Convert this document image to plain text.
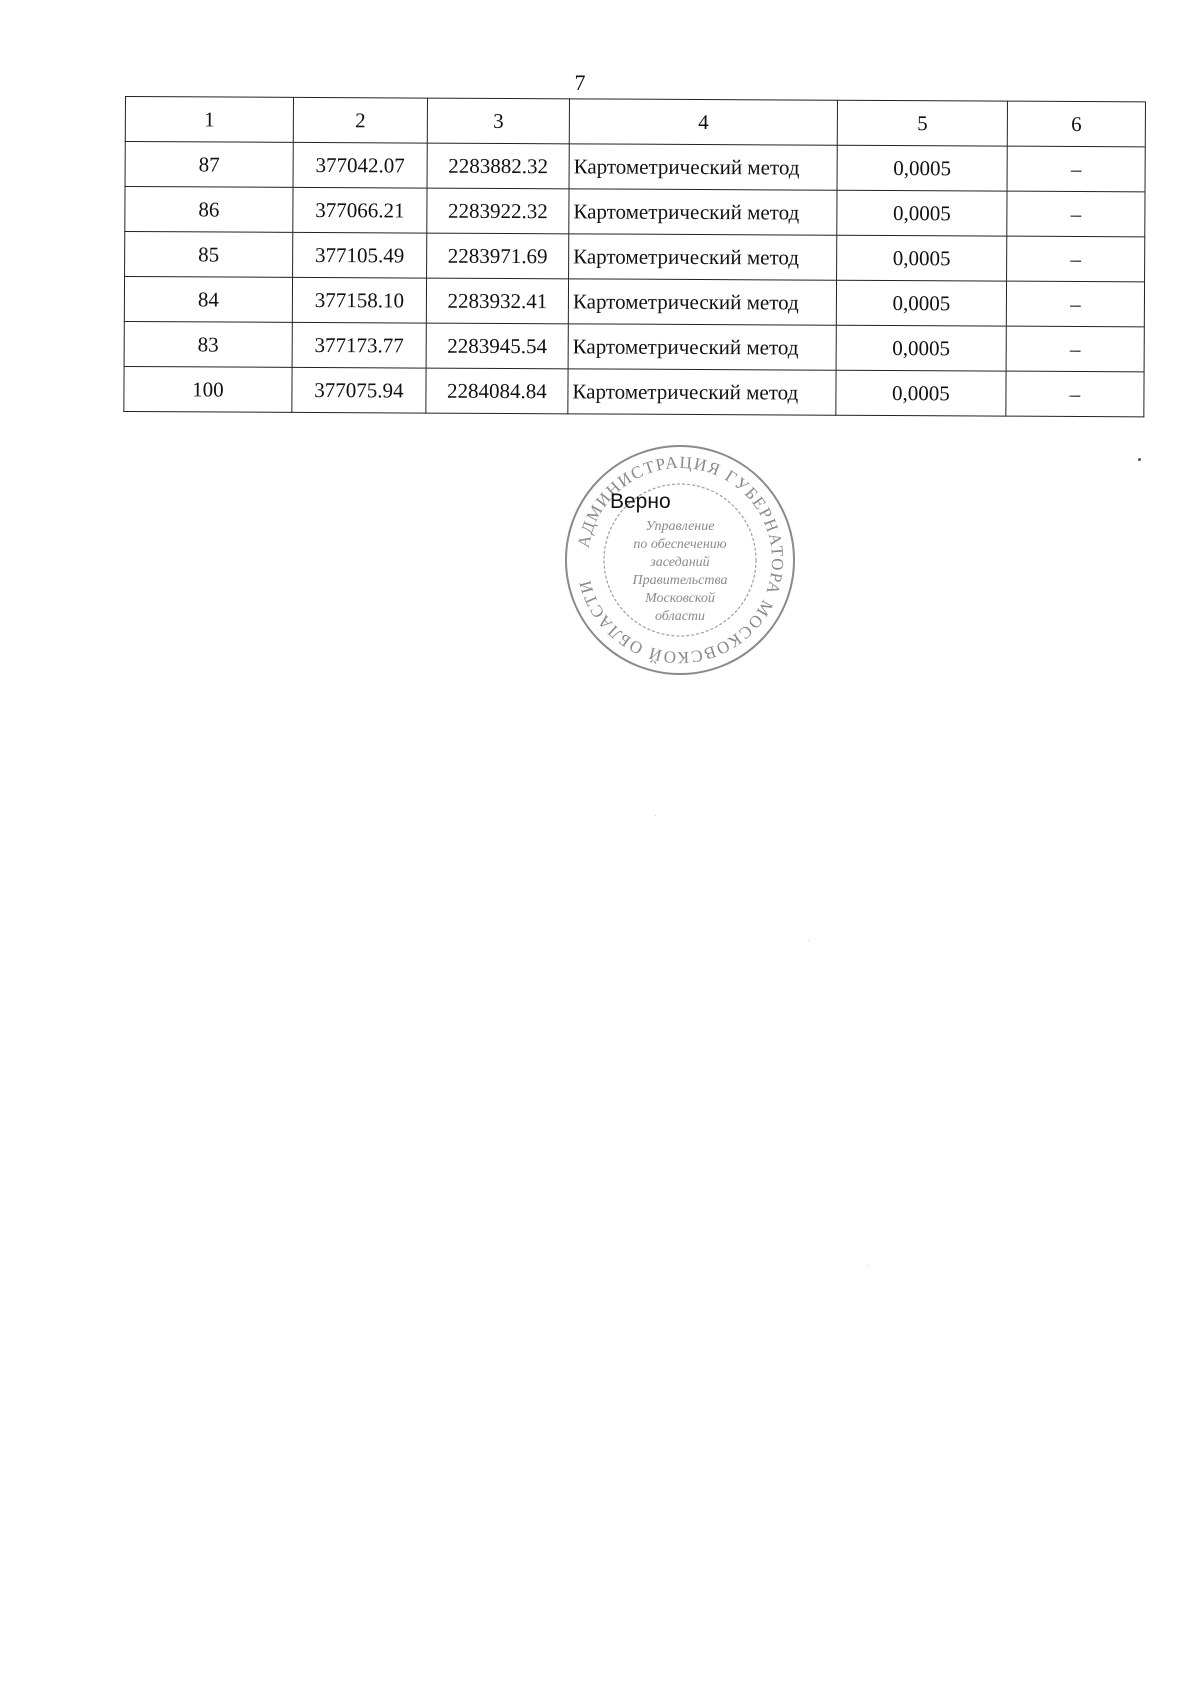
7
1	2	3	4	5	6
87	377042.07	2283882.32	Картометрический метод	0,0005	–
86	377066.21	2283922.32	Картометрический метод	0,0005	–
85	377105.49	2283971.69	Картометрический метод	0,0005	–
84	377158.10	2283932.41	Картометрический метод	0,0005	–
83	377173.77	2283945.54	Картометрический метод	0,0005	–
100	377075.94	2284084.84	Картометрический метод	0,0005	–
АДМИНИСТРАЦИЯ ГУБЕРНАТОРА МОСКОВСКОЙ ОБЛАСТИ
Управление
по обеспечению
заседаний
Правительства
Московской
области
Верно
